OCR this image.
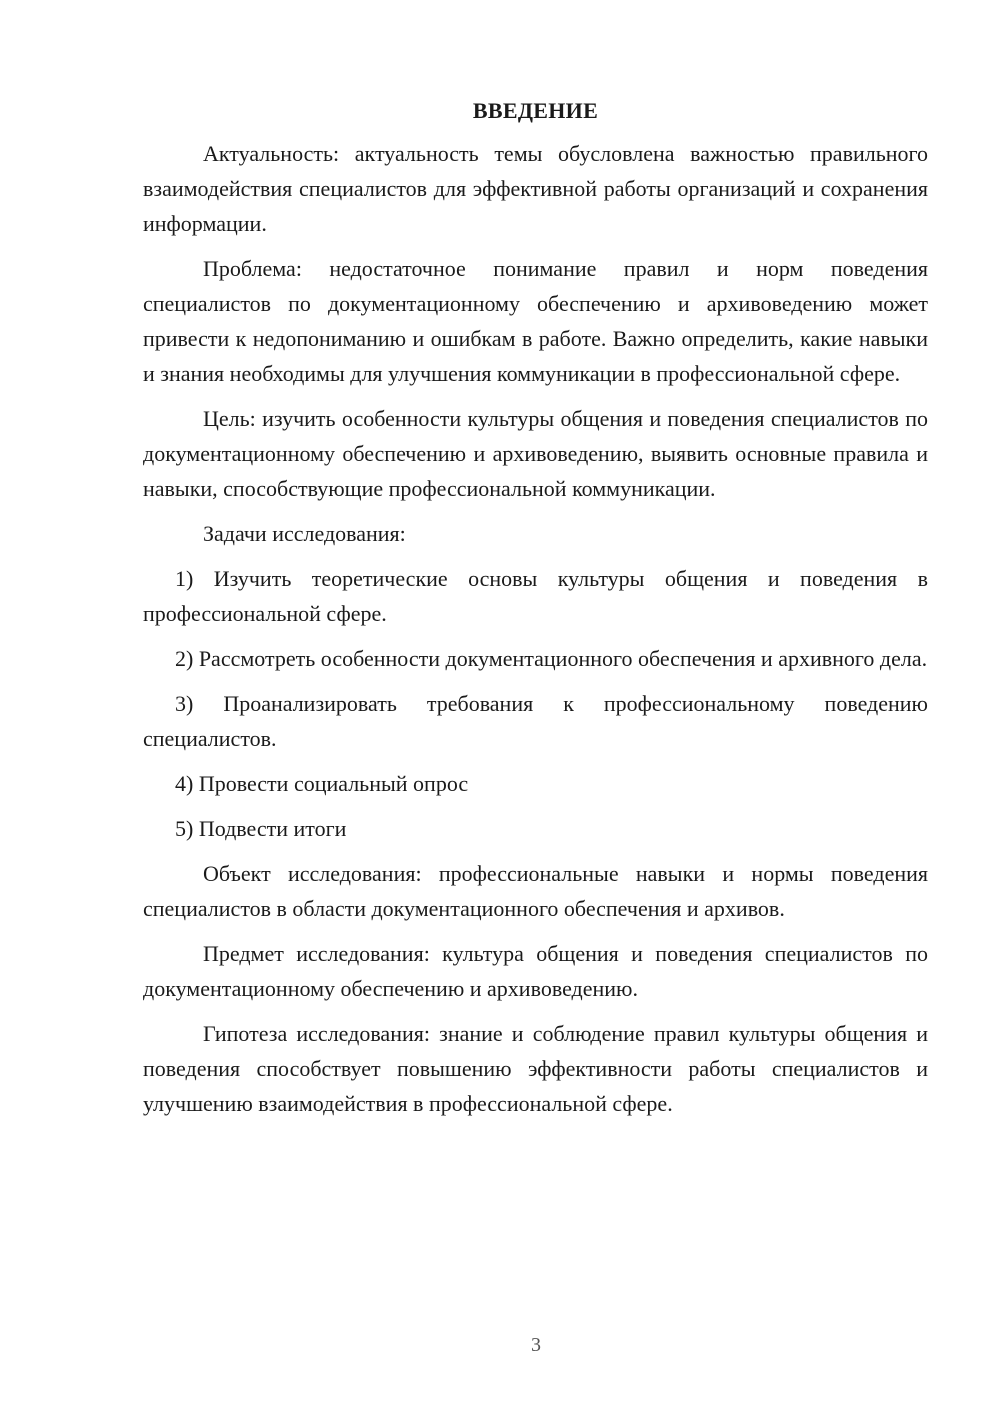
ВВЕДЕНИЕ

Актуальность: актуальность темы обусловлена важностью правильного взаимодействия специалистов для эффективной работы организаций и сохранения информации.

Проблема: недостаточное понимание правил и норм поведения специалистов по документационному обеспечению и архивоведению может привести к недопониманию и ошибкам в работе. Важно определить, какие навыки и знания необходимы для улучшения коммуникации в профессиональной сфере.

Цель: изучить особенности культуры общения и поведения специалистов по документационному обеспечению и архивоведению, выявить основные правила и навыки, способствующие профессиональной коммуникации.

Задачи исследования:

1) Изучить теоретические основы культуры общения и поведения в профессиональной сфере.

2) Рассмотреть особенности документационного обеспечения и архивного дела.

3) Проанализировать требования к профессиональному поведению специалистов.

4) Провести социальный опрос

5) Подвести итоги

Объект исследования: профессиональные навыки и нормы поведения специалистов в области документационного обеспечения и архивов.

Предмет исследования: культура общения и поведения специалистов по документационному обеспечению и архивоведению.

Гипотеза исследования: знание и соблюдение правил культуры общения и поведения способствует повышению эффективности работы специалистов и улучшению взаимодействия в профессиональной сфере.

3
